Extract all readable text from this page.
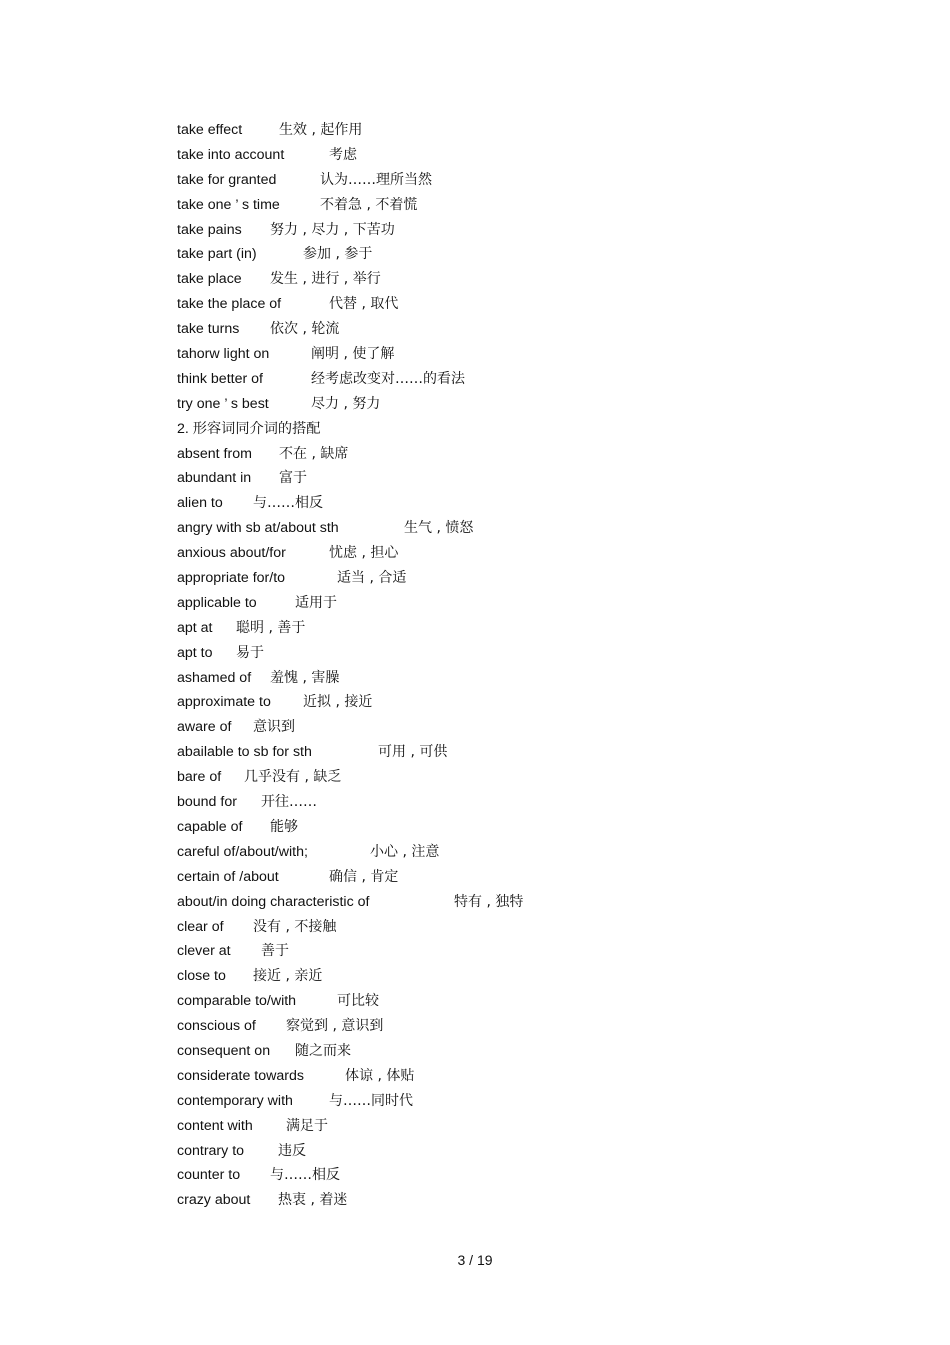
take effect	生效 , 起作用
take into account	考虑
take for granted	认为……理所当然
take one ’ s time	不着急 , 不着慌
take pains 努力 , 尽力 , 下苦功
take part (in)	参加 , 参于
take place 发生 , 进行 , 举行
take the place of	代替 , 取代
take turns 依次 , 轮流
tahorw light on	阐明 , 使了解
think better of	经考虑改变对……的看法
try one ’ s best	尽力 , 努力
2. 形容词同介词的搭配
absent from 不在 , 缺席
abundant in 富于
alien to 与……相反
angry with sb at/about sth	生气 , 愤怒
anxious about/for	忧虑 , 担心
appropriate for/to	适当 , 合适
applicable to	适用于
apt at 聪明 , 善于
apt to 易于
ashamed of 羞愧 , 害臊
approximate to 近拟 , 接近
aware of 意识到
abailable to sb for sth	可用 , 可供
bare of 几乎没有 , 缺乏
bound for 开往……
capable of 能够
careful of/about/with;	小心 , 注意
certain of /about	确信 , 肯定
about/in doing characteristic of	特有 , 独特
clear of 没有 , 不接触
clever at 善于
close to 接近 , 亲近
comparable to/with	可比较
conscious of 察觉到 , 意识到
consequent on 随之而来
considerate towards	体谅 , 体贴
contemporary with	与……同时代
content with 满足于
contrary to 违反
counter to 与……相反
crazy about 热衷 , 着迷
3 / 19
